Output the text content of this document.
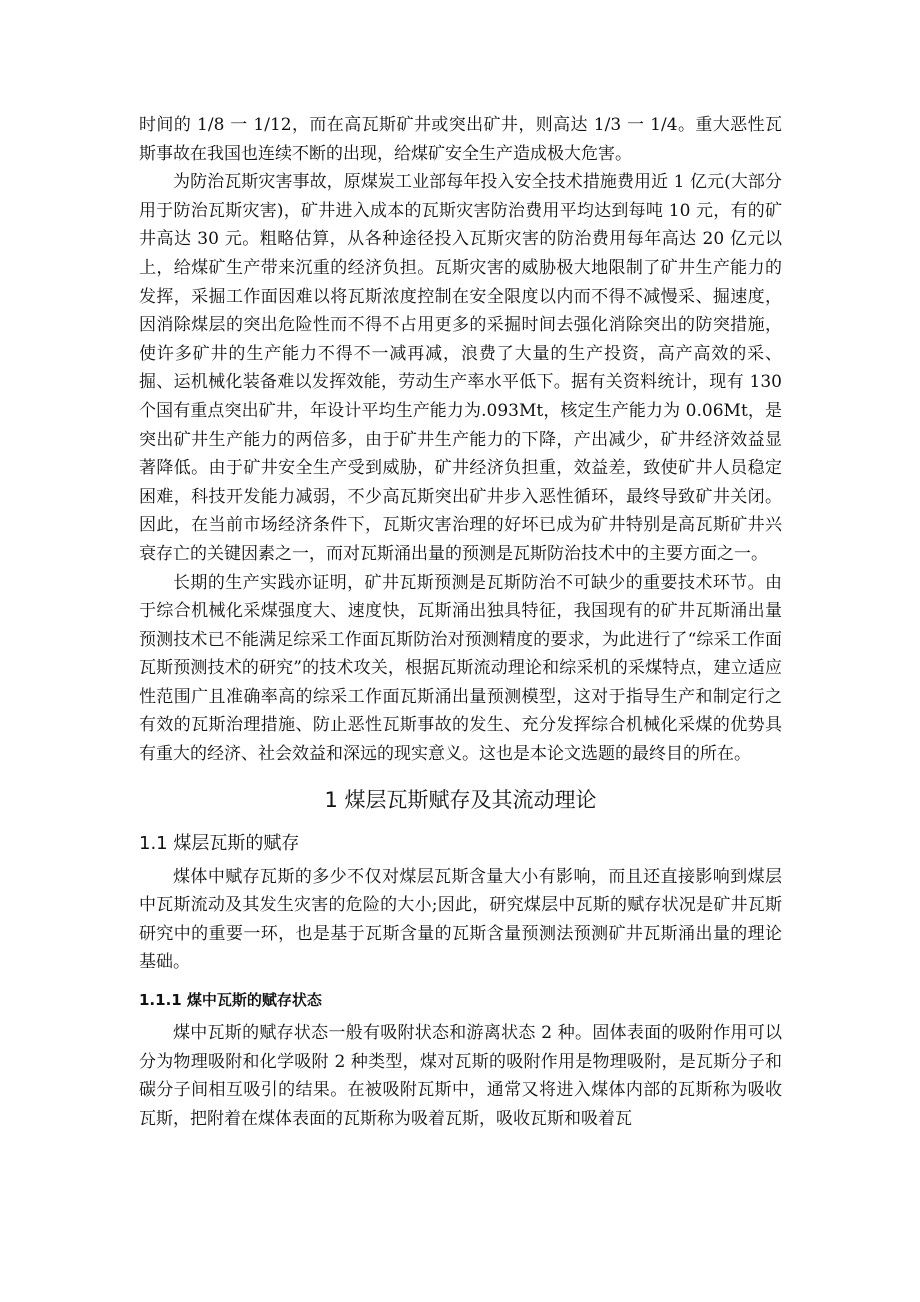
时间的 1/8 一 1/12，而在高瓦斯矿井或突出矿井，则高达 1/3 一 1/4。重大恶性瓦斯事故在我国也连续不断的出现，给煤矿安全生产造成极大危害。

为防治瓦斯灾害事故，原煤炭工业部每年投入安全技术措施费用近 1 亿元(大部分用于防治瓦斯灾害)，矿井进入成本的瓦斯灾害防治费用平均达到每吨 10 元，有的矿井高达 30 元。粗略估算，从各种途径投入瓦斯灾害的防治费用每年高达 20 亿元以上，给煤矿生产带来沉重的经济负担。瓦斯灾害的威胁极大地限制了矿井生产能力的发挥，采掘工作面因难以将瓦斯浓度控制在安全限度以内而不得不减慢采、掘速度，因消除煤层的突出危险性而不得不占用更多的采掘时间去强化消除突出的防突措施，使许多矿井的生产能力不得不一减再减，浪费了大量的生产投资，高产高效的采、掘、运机械化装备难以发挥效能，劳动生产率水平低下。据有关资料统计，现有 130 个国有重点突出矿井，年设计平均生产能力为.093Mt，核定生产能力为 0.06Mt，是突出矿井生产能力的两倍多，由于矿井生产能力的下降，产出减少，矿井经济效益显著降低。由于矿井安全生产受到威胁，矿井经济负担重，效益差，致使矿井人员稳定困难，科技开发能力减弱，不少高瓦斯突出矿井步入恶性循环，最终导致矿井关闭。因此，在当前市场经济条件下，瓦斯灾害治理的好坏已成为矿井特别是高瓦斯矿井兴衰存亡的关键因素之一，而对瓦斯涌出量的预测是瓦斯防治技术中的主要方面之一。

长期的生产实践亦证明，矿井瓦斯预测是瓦斯防治不可缺少的重要技术环节。由于综合机械化采煤强度大、速度快，瓦斯涌出独具特征，我国现有的矿井瓦斯涌出量预测技术已不能满足综采工作面瓦斯防治对预测精度的要求，为此进行了“综采工作面瓦斯预测技术的研究”的技术攻关，根据瓦斯流动理论和综采机的采煤特点，建立适应性范围广且准确率高的综采工作面瓦斯涌出量预测模型，这对于指导生产和制定行之有效的瓦斯治理措施、防止恶性瓦斯事故的发生、充分发挥综合机械化采煤的优势具有重大的经济、社会效益和深远的现实意义。这也是本论文选题的最终目的所在。

1 煤层瓦斯赋存及其流动理论
1.1 煤层瓦斯的赋存

煤体中赋存瓦斯的多少不仅对煤层瓦斯含量大小有影响，而且还直接影响到煤层中瓦斯流动及其发生灾害的危险的大小;因此，研究煤层中瓦斯的赋存状况是矿井瓦斯研究中的重要一环，也是基于瓦斯含量的瓦斯含量预测法预测矿井瓦斯涌出量的理论基础。

1.1.1 煤中瓦斯的赋存状态

煤中瓦斯的赋存状态一般有吸附状态和游离状态 2 种。固体表面的吸附作用可以分为物理吸附和化学吸附 2 种类型，煤对瓦斯的吸附作用是物理吸附，是瓦斯分子和碳分子间相互吸引的结果。在被吸附瓦斯中，通常又将进入煤体内部的瓦斯称为吸收瓦斯，把附着在煤体表面的瓦斯称为吸着瓦斯，吸收瓦斯和吸着瓦
